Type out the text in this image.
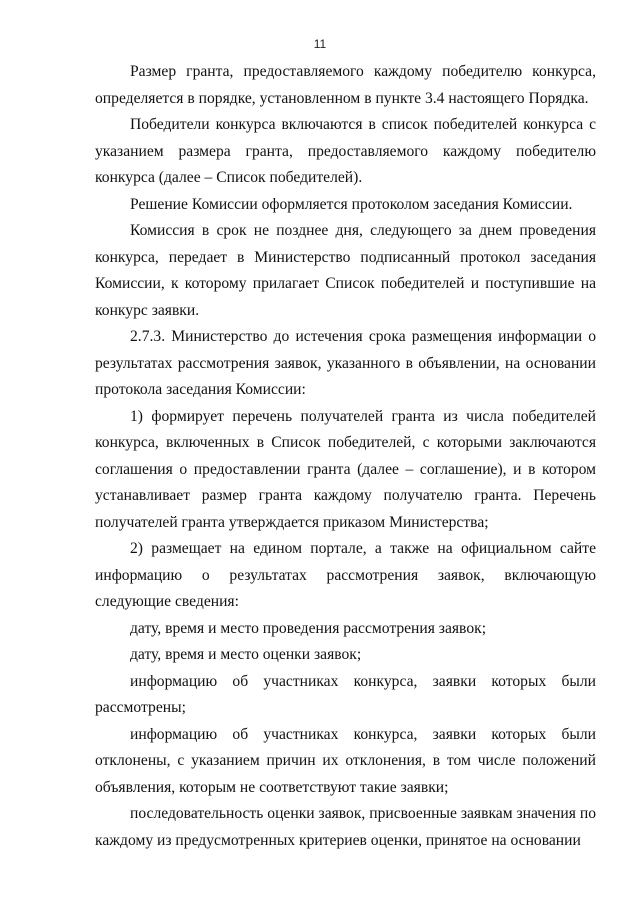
11

Размер гранта, предоставляемого каждому победителю конкурса, определяется в порядке, установленном в пункте 3.4 настоящего Порядка.

Победители конкурса включаются в список победителей конкурса с указанием размера гранта, предоставляемого каждому победителю конкурса (далее – Список победителей).

Решение Комиссии оформляется протоколом заседания Комиссии.

Комиссия в срок не позднее дня, следующего за днем проведения конкурса, передает в Министерство подписанный протокол заседания Комиссии, к которому прилагает Список победителей и поступившие на конкурс заявки.

2.7.3. Министерство до истечения срока размещения информации о результатах рассмотрения заявок, указанного в объявлении, на основании протокола заседания Комиссии:

1) формирует перечень получателей гранта из числа победителей конкурса, включенных в Список победителей, с которыми заключаются соглашения о предоставлении гранта (далее – соглашение), и в котором устанавливает размер гранта каждому получателю гранта. Перечень получателей гранта утверждается приказом Министерства;

2) размещает на едином портале, а также на официальном сайте информацию о результатах рассмотрения заявок, включающую следующие сведения:

дату, время и место проведения рассмотрения заявок;

дату, время и место оценки заявок;

информацию об участниках конкурса, заявки которых были рассмотрены;

информацию об участниках конкурса, заявки которых были отклонены, с указанием причин их отклонения, в том числе положений объявления, которым не соответствуют такие заявки;

последовательность оценки заявок, присвоенные заявкам значения по каждому из предусмотренных критериев оценки, принятое на основании
